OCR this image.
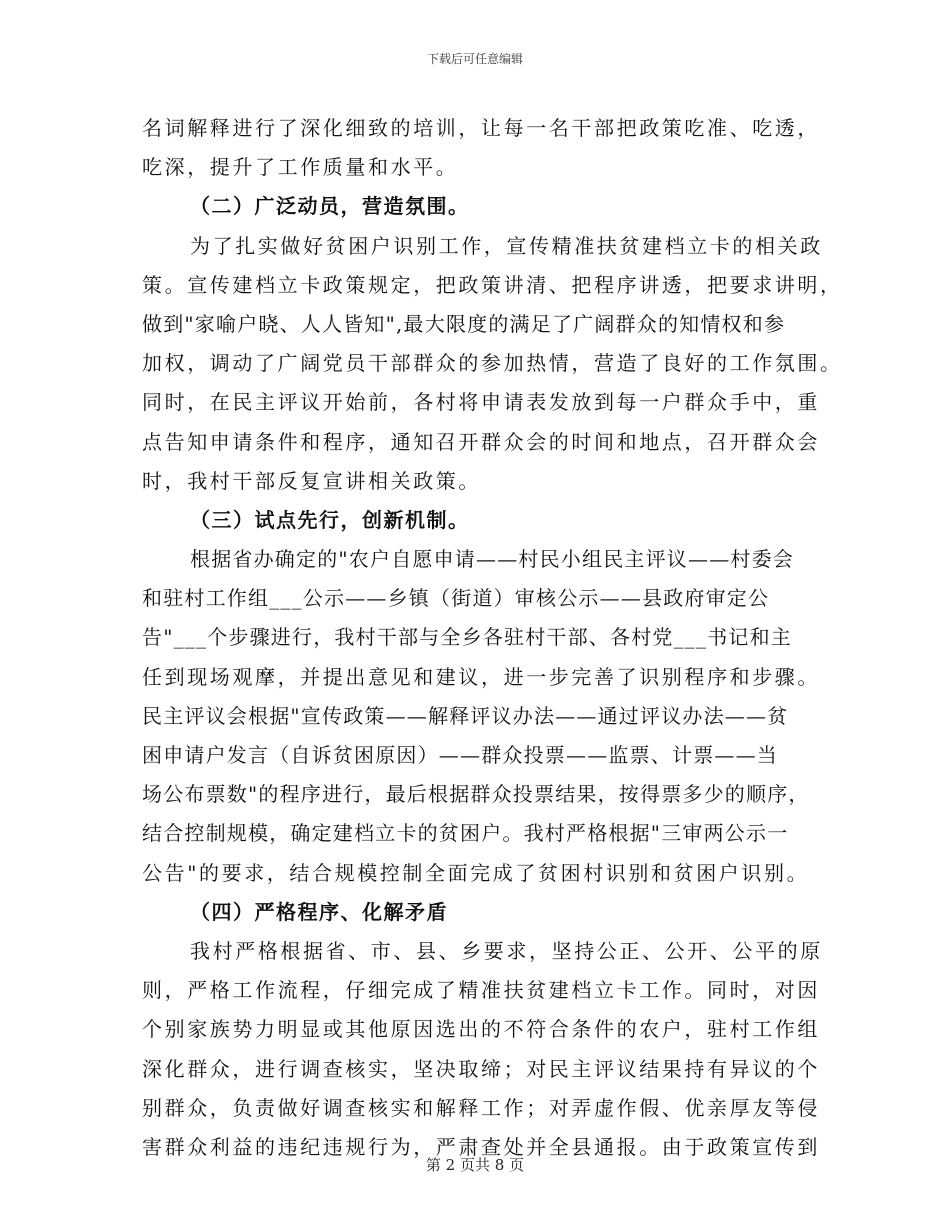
下载后可任意编辑
名词解释进行了深化细致的培训，让每一名干部把政策吃准、吃透，
吃深，提升了工作质量和水平。
（二）广泛动员，营造氛围。
为了扎实做好贫困户识别工作，宣传精准扶贫建档立卡的相关政
策。宣传建档立卡政策规定，把政策讲清、把程序讲透，把要求讲明，
做到"家喻户晓、人人皆知",最大限度的满足了广阔群众的知情权和参
加权，调动了广阔党员干部群众的参加热情，营造了良好的工作氛围。
同时，在民主评议开始前，各村将申请表发放到每一户群众手中，重
点告知申请条件和程序，通知召开群众会的时间和地点，召开群众会
时，我村干部反复宣讲相关政策。
（三）试点先行，创新机制。
根据省办确定的"农户自愿申请——村民小组民主评议——村委会
和驻村工作组___公示——乡镇（街道）审核公示——县政府审定公
告"___个步骤进行，我村干部与全乡各驻村干部、各村党___书记和主
任到现场观摩，并提出意见和建议，进一步完善了识别程序和步骤。
民主评议会根据"宣传政策——解释评议办法——通过评议办法——贫
困申请户发言（自诉贫困原因）——群众投票——监票、计票——当
场公布票数"的程序进行，最后根据群众投票结果，按得票多少的顺序，
结合控制规模，确定建档立卡的贫困户。我村严格根据"三审两公示一
公告"的要求，结合规模控制全面完成了贫困村识别和贫困户识别。
（四）严格程序、化解矛盾
我村严格根据省、市、县、乡要求，坚持公正、公开、公平的原
则，严格工作流程，仔细完成了精准扶贫建档立卡工作。同时，对因
个别家族势力明显或其他原因选出的不符合条件的农户，驻村工作组
深化群众，进行调查核实，坚决取缔；对民主评议结果持有异议的个
别群众，负责做好调查核实和解释工作；对弄虚作假、优亲厚友等侵
害群众利益的违纪违规行为，严肃查处并全县通报。由于政策宣传到
第 2 页共 8 页
